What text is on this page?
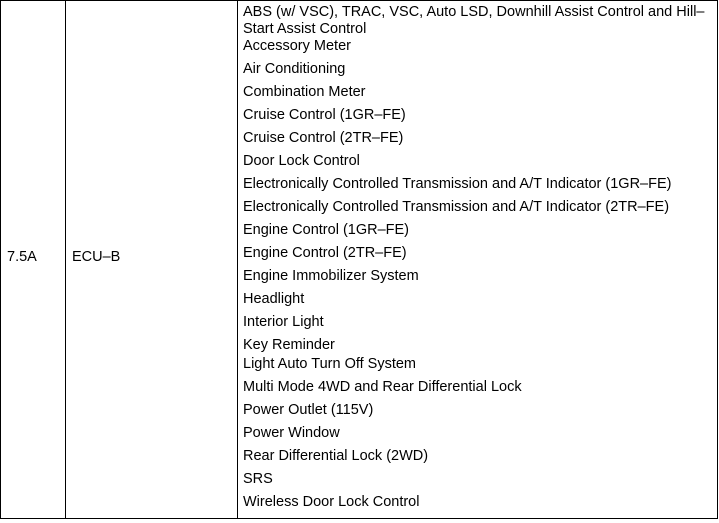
7.5A	ECU–B	
ABS (w/ VSC), TRAC, VSC, Auto LSD, Downhill Assist Control and Hill–Start Assist Control
Accessory Meter
Air Conditioning
Combination Meter
Cruise Control (1GR–FE)
Cruise Control (2TR–FE)
Door Lock Control
Electronically Controlled Transmission and A/T Indicator (1GR–FE)
Electronically Controlled Transmission and A/T Indicator (2TR–FE)
Engine Control (1GR–FE)
Engine Control (2TR–FE)
Engine Immobilizer System
Headlight
Interior Light
Key Reminder
Light Auto Turn Off System
Multi Mode 4WD and Rear Differential Lock
Power Outlet (115V)
Power Window
Rear Differential Lock (2WD)
SRS
Wireless Door Lock Control
